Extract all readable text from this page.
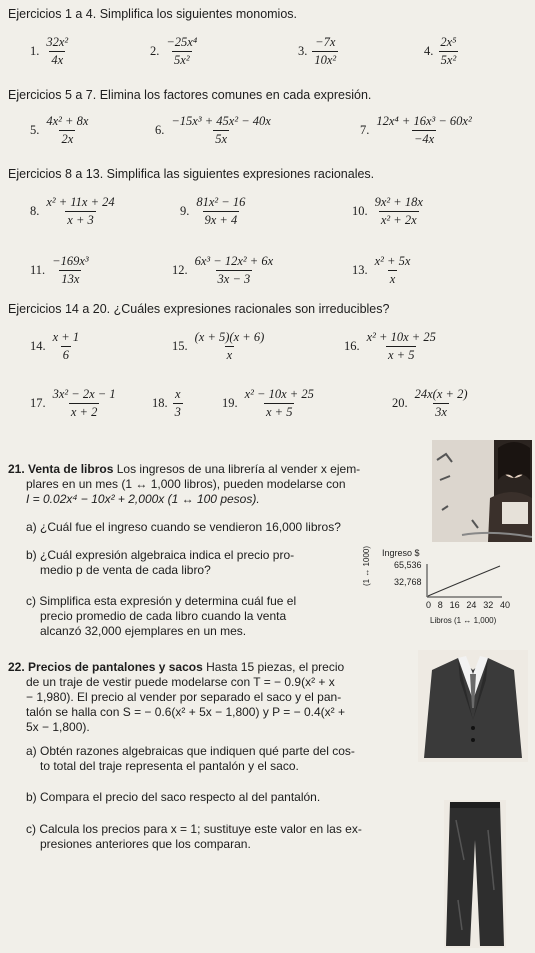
Ejercicios 1 a 4. Simplifica los siguientes monomios.
Ejercicios 5 a 7. Elimina los factores comunes en cada expresión.
Ejercicios 8 a 13. Simplifica las siguientes expresiones racionales.
Ejercicios 14 a 20. ¿Cuáles expresiones racionales son irreducibles?
1. $\frac{\text{32x²}}{4x}$	2. $\frac{\text{−25x⁴}}{\text{5x²}}$	3. $\frac{-7x}{\text{10x²}}$	4. $\frac{\text{2x⁵}}{\text{5x²}}$
5. $\frac{\text{4x² + 8x}}{2x}$	6. $\frac{\text{−15x³ + 45x² − 40x}}{5x}$	7. $\frac{\text{12x⁴ + 16x³ − 60x²}}{-4x}$
8. $\frac{\text{x² + 11x + 24}}{x + 3}$	9. $\frac{\text{81x² − 16}}{9x + 4}$	10. $\frac{\text{9x² + 18x}}{\text{x² + 2x}}$
11. $\frac{\text{−169x³}}{13x}$	12. $\frac{\text{6x³ − 12x² + 6x}}{3x - 3}$	13. $\frac{\text{x² + 5x}}{x}$
14. $\frac{x + 1}{6}$	15. $\frac{(x + 5)(x + 6)}{x}$	16. $\frac{\text{x² + 10x + 25}}{x + 5}$
17. $\frac{\text{3x² − 2x − 1}}{x + 2}$	18. $\frac{x}{3}$	19. $\frac{\text{x² − 10x + 25}}{x + 5}$	20. $\frac{24x(x + 2)}{3x}$
21. Venta de libros Los ingresos de una librería al vender x ejem-
plares en un mes (1 ↔ 1,000 libros), pueden modelarse con
I = 0.02x⁴ − 10x² + 2,000x (1 ↔ 100 pesos).
a) ¿Cuál fue el ingreso cuando se vendieron 16,000 libros?
b) ¿Cuál expresión algebraica indica el precio pro-
medio p de venta de cada libro?
c) Simplifica esta expresión y determina cuál fue el
precio promedio de cada libro cuando la venta
alcanzó 32,000 ejemplares en un mes.
Ingreso $
(1 ↔ 1000)	65,536
32,768
0 8 16 24 32 40
Libros (1 ↔ 1,000)
22. Precios de pantalones y sacos Hasta 15 piezas, el precio
de un traje de vestir puede modelarse con T = − 0.9(x² + x
− 1,980). El precio al vender por separado el saco y el pan-
talón se halla con S = − 0.6(x² + 5x − 1,800) y P = − 0.4(x² +
5x − 1,800).
a) Obtén razones algebraicas que indiquen qué parte del cos-
to total del traje representa el pantalón y el saco.
b) Compara el precio del saco respecto al del pantalón.
c) Calcula los precios para x = 1; sustituye este valor en las ex-
presiones anteriores que los comparan.
